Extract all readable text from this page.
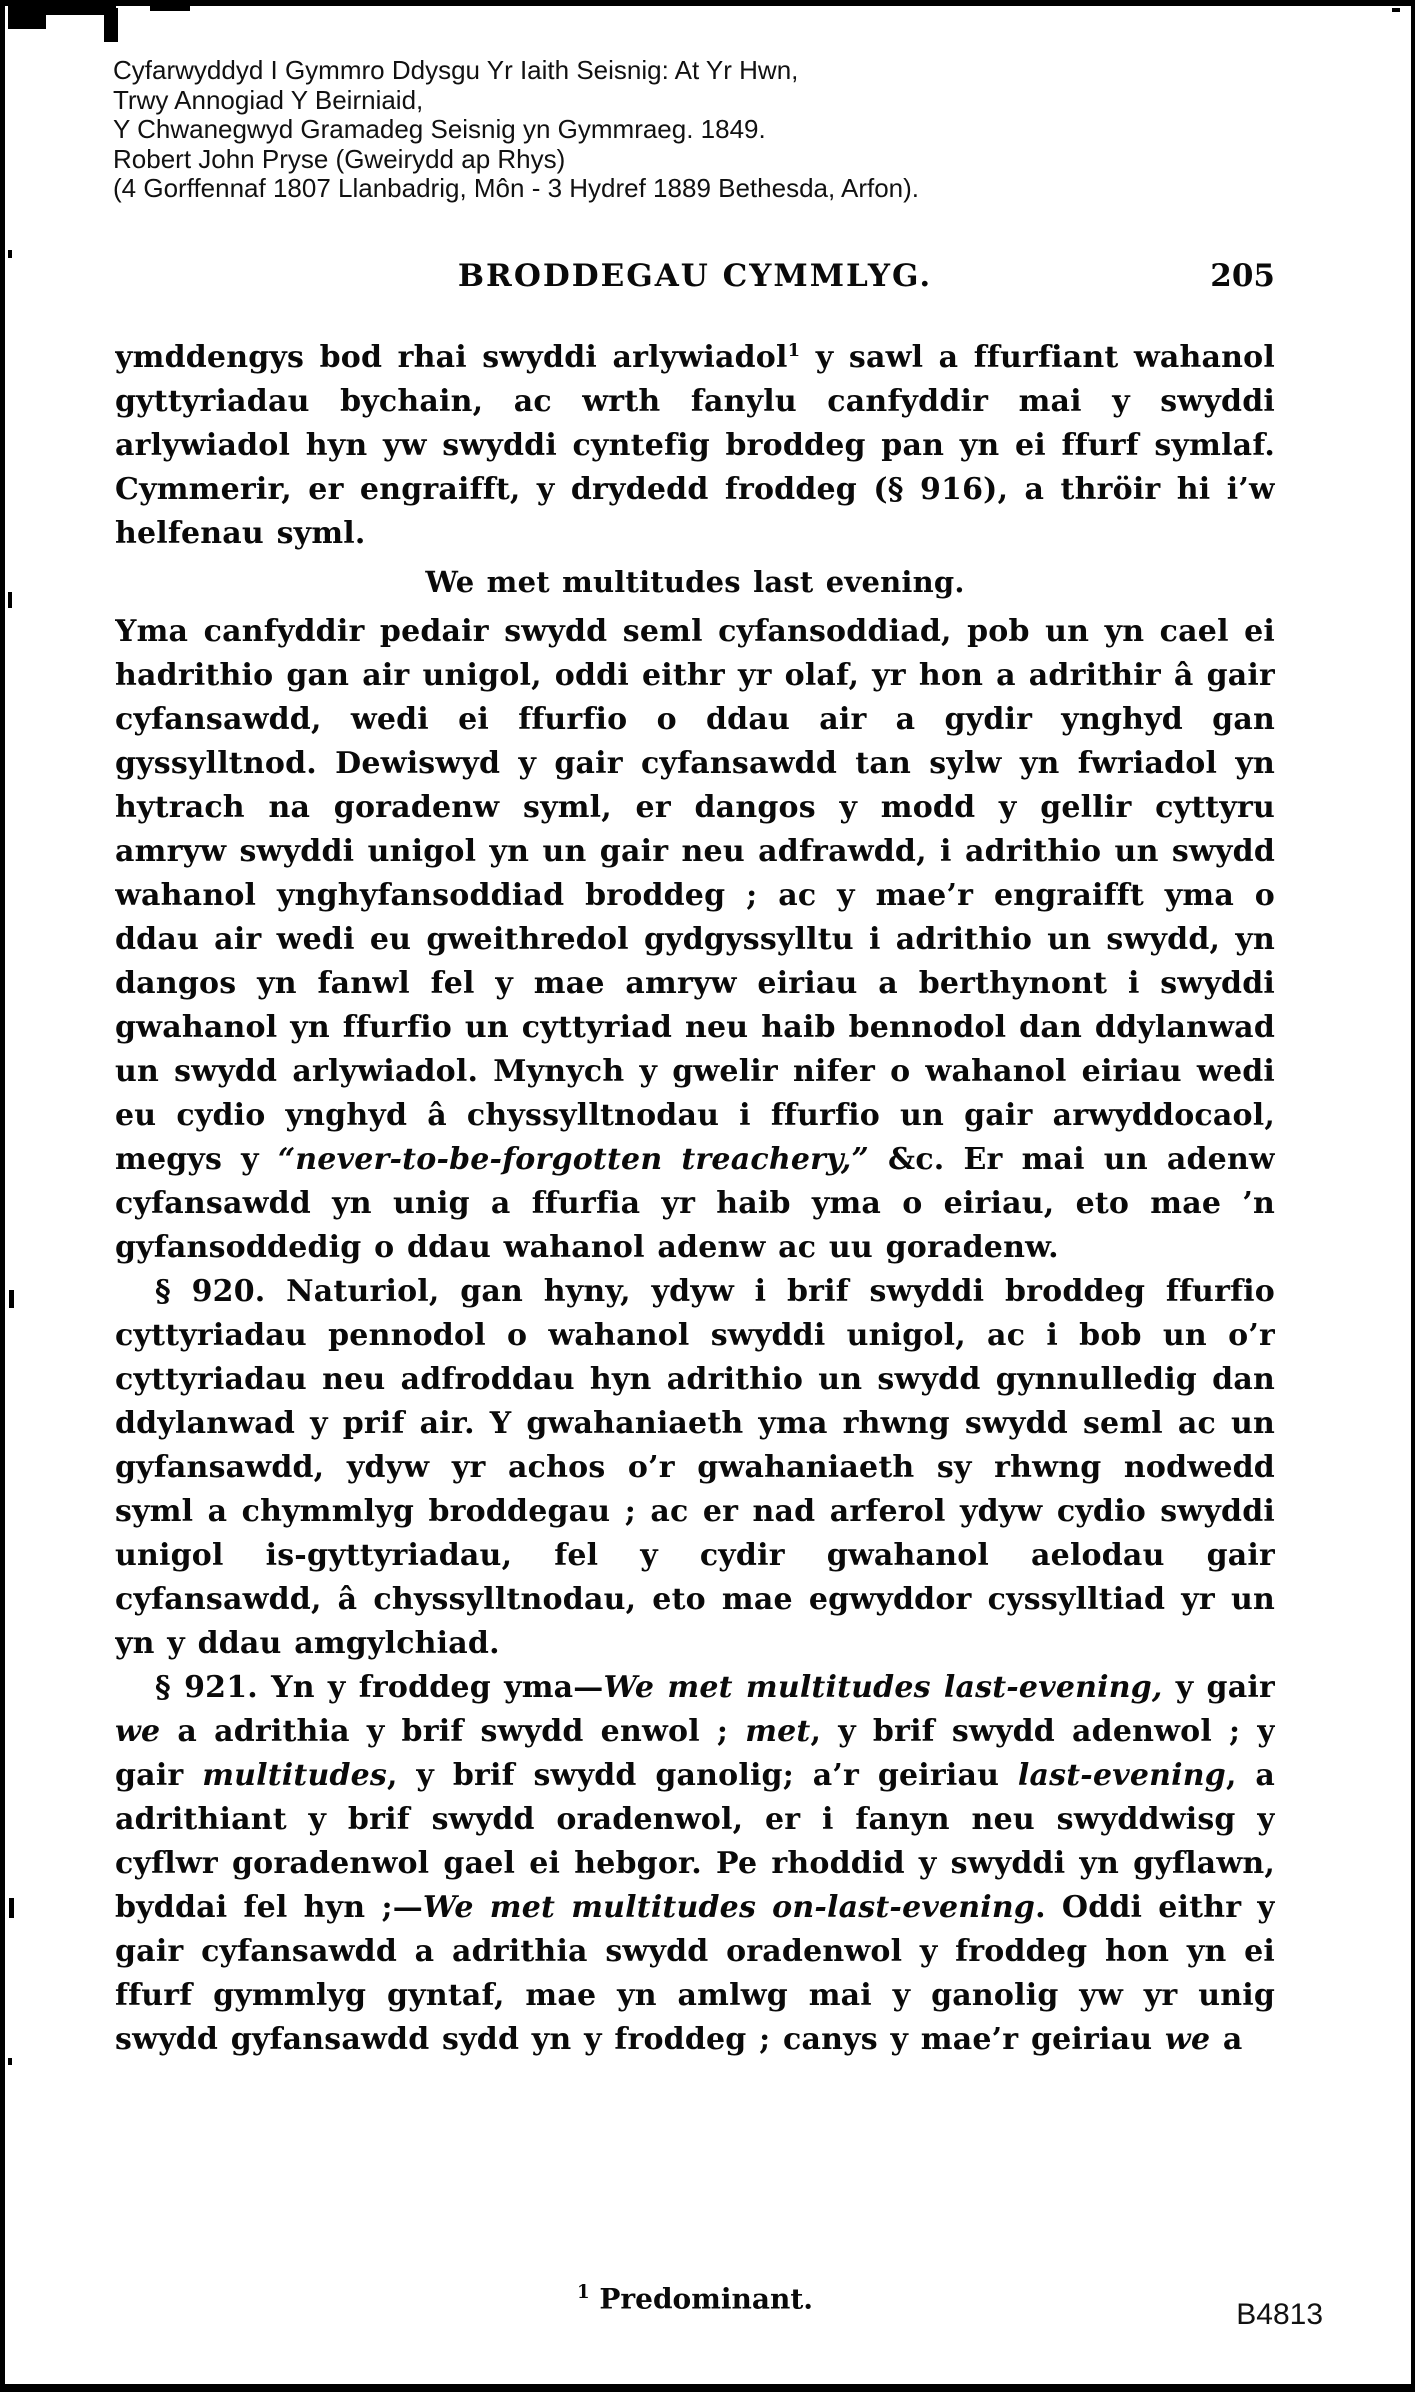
Cyfarwyddyd I Gymmro Ddysgu Yr Iaith Seisnig: At Yr Hwn,
Trwy Annogiad Y Beirniaid,
Y Chwanegwyd Gramadeg Seisnig yn Gymmraeg. 1849.
Robert John Pryse (Gweirydd ap Rhys)
(4 Gorffennaf 1807 Llanbadrig, Môn - 3 Hydref 1889 Bethesda, Arfon).
BRODDEGAU CYMMLYG.	205

ymddengys bod rhai swyddi arlywiadol$^1$ y sawl a ffurfiant wahanol gyttyriadau bychain, ac wrth fanylu canfyddir mai y swyddi arlywiadol hyn yw swyddi cyntefig broddeg pan yn ei ffurf symlaf. Cymmerir, er engraifft, y drydedd froddeg (§ 916), a thröir hi i’w helfenau syml.

We met multitudes last evening.

Yma canfyddir pedair swydd seml cyfansoddiad, pob un yn cael ei hadrithio gan air unigol, oddi eithr yr olaf, yr hon a adrithir â gair cyfansawdd, wedi ei ffurfio o ddau air a gydir ynghyd gan gyssylltnod. Dewiswyd y gair cyfansawdd tan sylw yn fwriadol yn hytrach na goradenw syml, er dangos y modd y gellir cyttyru amryw swyddi unigol yn un gair neu adfrawdd, i adrithio un swydd wahanol ynghyfansoddiad broddeg ; ac y mae’r engraifft yma o ddau air wedi eu gweithredol gydgyssylltu i adrithio un swydd, yn dangos yn fanwl fel y mae amryw eiriau a berthynont i swyddi gwahanol yn ffurfio un cyttyriad neu haib bennodol dan ddylanwad un swydd arlywiadol. Mynych y gwelir nifer o wahanol eiriau wedi eu cydio ynghyd â chyssylltnodau i ffurfio un gair arwyddocaol, megys y “never-to-be-forgotten treachery,” &c. Er mai un adenw cyfansawdd yn unig a ffurfia yr haib yma o eiriau, eto mae ’n gyfansoddedig o ddau wahanol adenw ac uu goradenw.

§ 920. Naturiol, gan hyny, ydyw i brif swyddi broddeg ffurfio cyttyriadau pennodol o wahanol swyddi unigol, ac i bob un o’r cyttyriadau neu adfroddau hyn adrithio un swydd gynnulledig dan ddylanwad y prif air. Y gwahaniaeth yma rhwng swydd seml ac un gyfansawdd, ydyw yr achos o’r gwahaniaeth sy rhwng nodwedd syml a chymmlyg broddegau ; ac er nad arferol ydyw cydio swyddi unigol is-gyttyriadau, fel y cydir gwahanol aelodau gair cyfansawdd, â chyssylltnodau, eto mae egwyddor cyssylltiad yr un yn y ddau amgylchiad.

§ 921. Yn y froddeg yma—We met multitudes last-evening, y gair we a adrithia y brif swydd enwol ; met, y brif swydd adenwol ; y gair multitudes, y brif swydd ganolig; a’r geiriau last-evening, a adrithiant y brif swydd oradenwol, er i fanyn neu swyddwisg y cyflwr goradenwol gael ei hebgor. Pe rhoddid y swyddi yn gyflawn, byddai fel hyn ;—We met multitudes on-last-evening. Oddi eithr y gair cyfansawdd a adrithia swydd oradenwol y froddeg hon yn ei ffurf gymmlyg gyntaf, mae yn amlwg mai y ganolig yw yr unig swydd gyfansawdd sydd yn y froddeg ; canys y mae’r geiriau we a

$^1$ Predominant.	B4813
